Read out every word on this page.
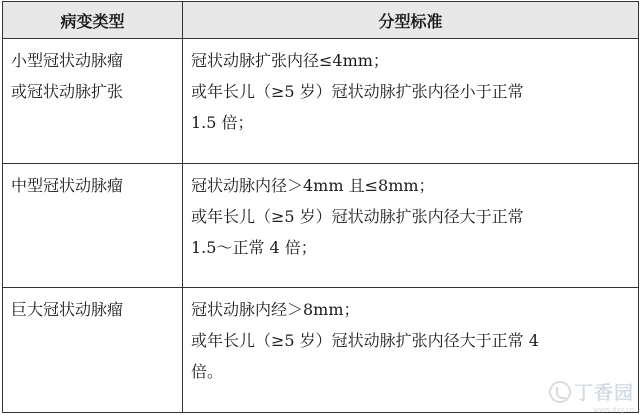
病变类型	分型标准

小型冠状动脉瘤
或冠状动脉扩张	冠状动脉扩张内径≤4mm；
或年长儿（≥5 岁）冠状动脉扩张内径小于正常
1.5 倍；

中型冠状动脉瘤	冠状动脉内径＞4mm 且≤8mm；
或年长儿（≥5 岁）冠状动脉扩张内径大于正常
1.5～正常 4 倍；

巨大冠状动脉瘤	冠状动脉内经＞8mm；
或年长儿（≥5 岁）冠状动脉扩张内径大于正常 4
倍。
丁香园
www.dxy.cn
